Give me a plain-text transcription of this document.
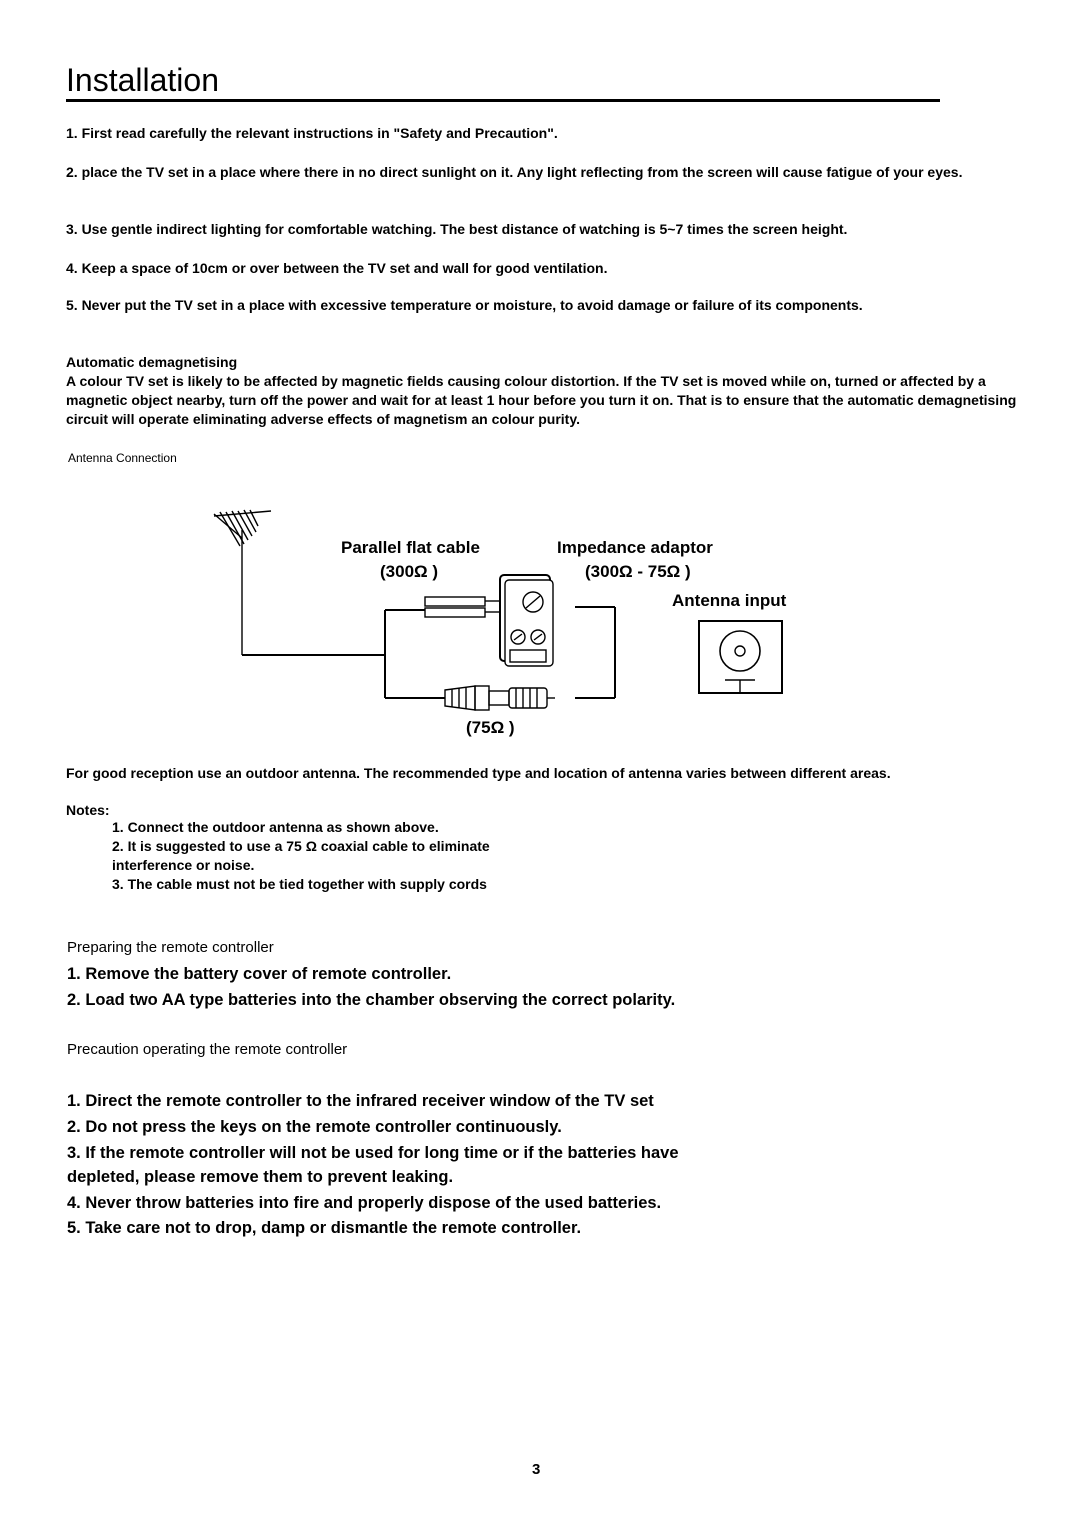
Installation
1. First read carefully the relevant instructions in "Safety and Precaution".
2. place the TV set in a place where there in no direct sunlight on it. Any light reflecting from the screen will cause fatigue of your eyes.
3. Use gentle indirect lighting for comfortable watching. The best distance of watching is 5~7 times the screen height.
4. Keep a space of 10cm or over between the TV set and wall for good ventilation.
5. Never put the TV set in a place with excessive temperature or moisture, to avoid damage or failure of its components.
Automatic demagnetising
A colour TV set is likely to be affected by magnetic fields causing colour distortion. If the TV set is moved while on, turned or affected by a magnetic object nearby, turn off the power and wait for at least 1 hour before you turn it on. That is to ensure that the automatic demagnetising circuit will operate eliminating adverse effects of magnetism an colour purity.
Antenna Connection
Parallel flat cable
(300Ω )
Impedance adaptor
(300Ω - 75Ω )
Antenna input
(75Ω )
For good reception use an outdoor antenna. The recommended type and location of antenna varies between different areas.
Notes:
1. Connect the outdoor antenna as shown above.
2. It is suggested to use a 75 Ω coaxial cable to eliminate
interference or noise.
3. The cable must not be tied together with supply cords
Preparing the remote controller
1. Remove the battery cover of remote controller.
2. Load two AA type batteries into the chamber observing the correct polarity.
Precaution operating the remote controller
1. Direct the remote controller to the infrared receiver window of the TV set
2. Do not press the keys on the remote controller continuously.
3. If the remote controller will not be used for long time or if the batteries have
depleted, please remove them to prevent leaking.
4. Never throw batteries into fire and properly dispose of the used batteries.
5. Take care not to drop, damp or dismantle the remote controller.
3
